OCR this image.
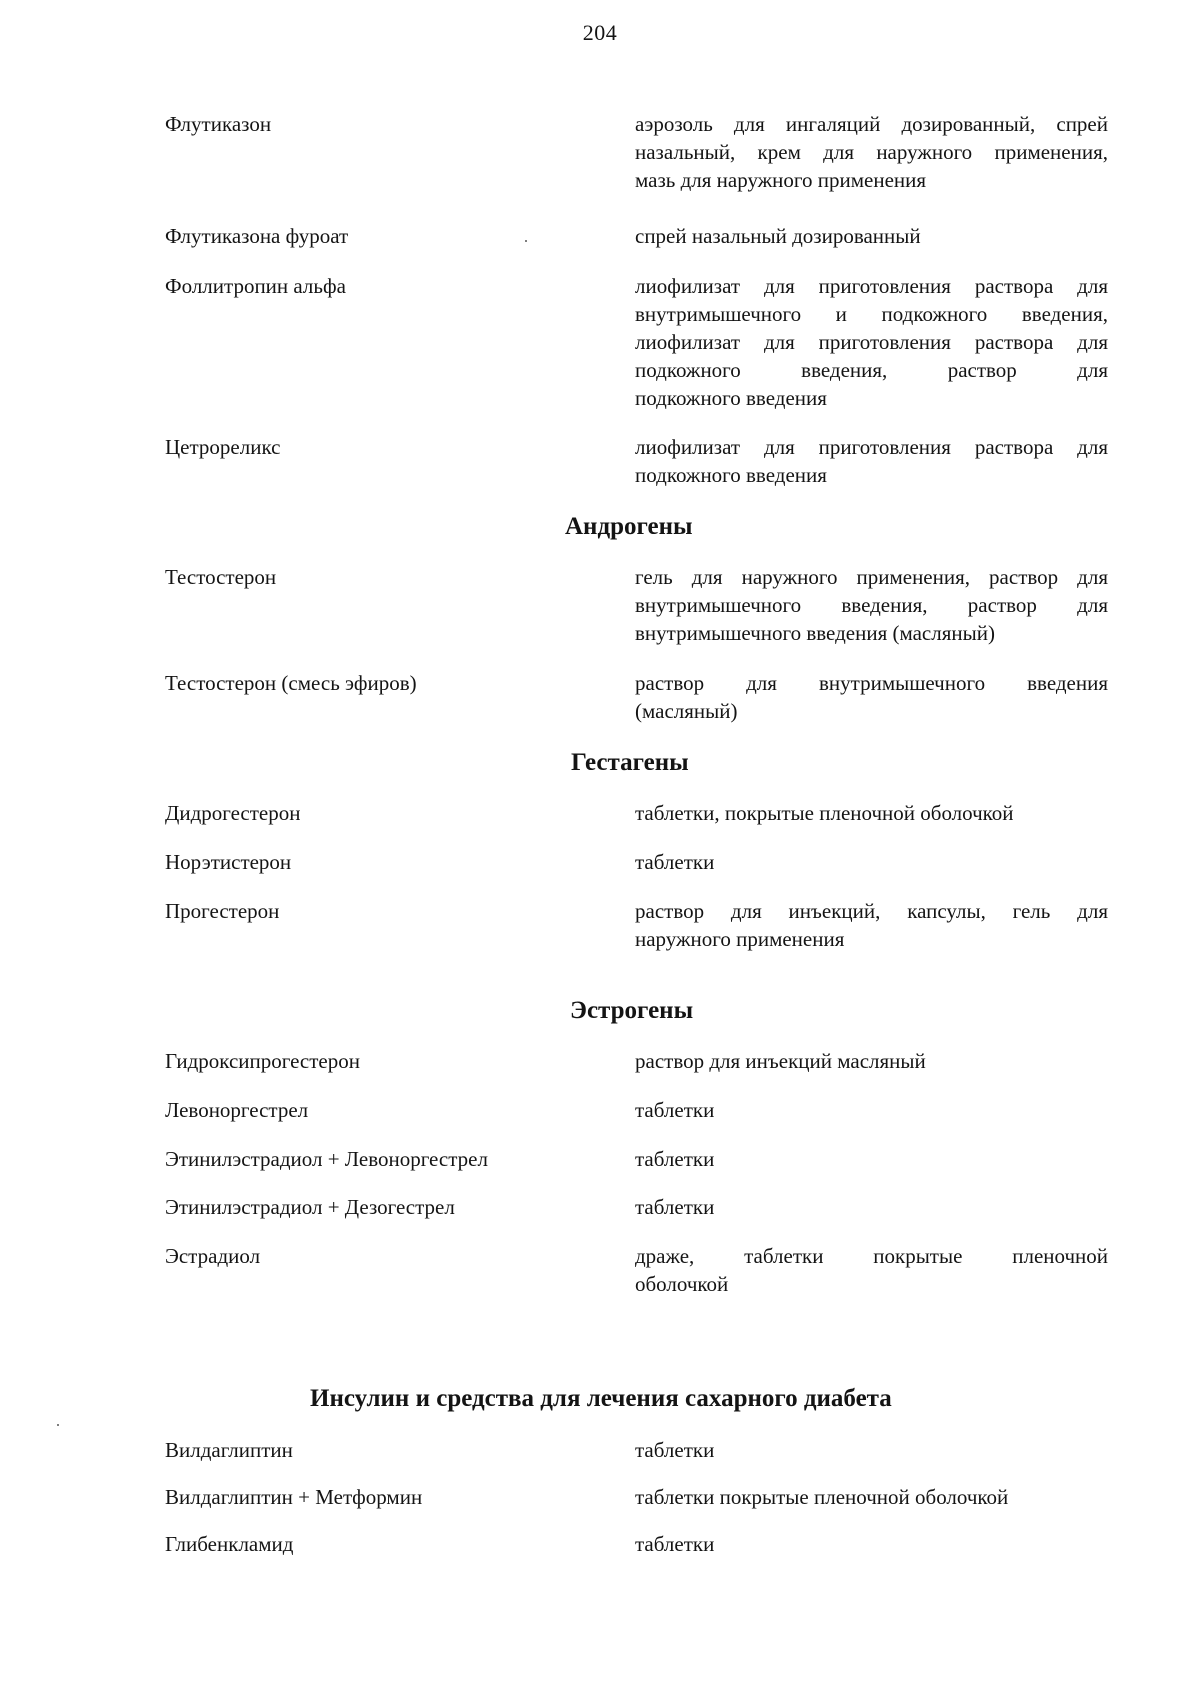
204
Флутиказон	аэрозоль для ингаляций дозированный, спрей
назальный, крем для наружного применения,
мазь для наружного применения
Флутиказона фуроат	спрей назальный дозированный
Фоллитропин альфа	лиофилизат для приготовления раствора для
внутримышечного и подкожного введения,
лиофилизат для приготовления раствора для
подкожного введения, раствор для
подкожного введения
Цетрореликс	лиофилизат для приготовления раствора для
подкожного введения
Андрогены
Тестостерон	гель для наружного применения, раствор для
внутримышечного введения, раствор для
внутримышечного введения (масляный)
Тестостерон (смесь эфиров)	раствор для внутримышечного введения
(масляный)
Гестагены
Дидрогестерон	таблетки, покрытые пленочной оболочкой
Норэтистерон	таблетки
Прогестерон	раствор для инъекций, капсулы, гель для
наружного применения
Эстрогены
Гидроксипрогестерон	раствор для инъекций масляный
Левоноргестрел	таблетки
Этинилэстрадиол + Левоноргестрел	таблетки
Этинилэстрадиол + Дезогестрел	таблетки
Эстрадиол	драже, таблетки покрытые пленочной
оболочкой
Инсулин и средства для лечения сахарного диабета
Вилдаглиптин	таблетки
Вилдаглиптин + Метформин	таблетки покрытые пленочной оболочкой
Глибенкламид	таблетки
